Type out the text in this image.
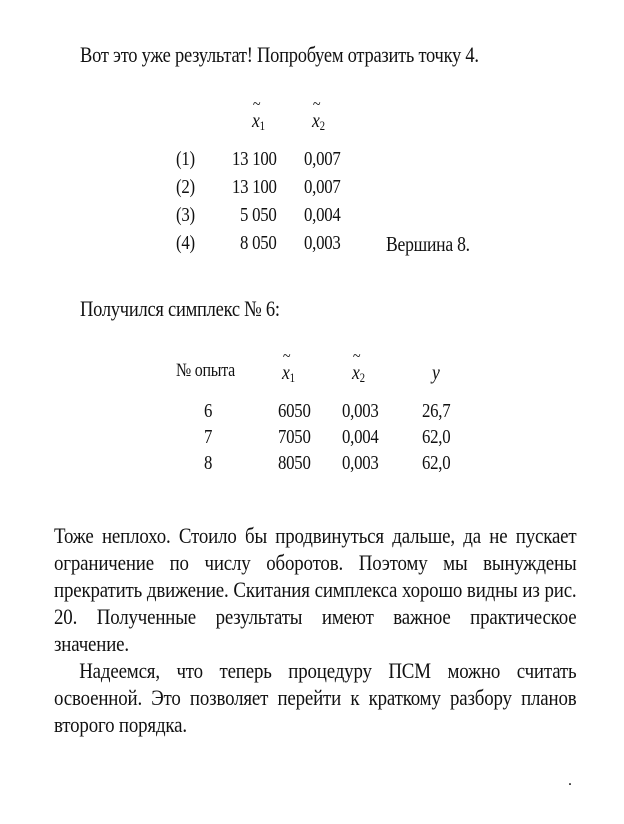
Вот это уже результат! Попробуем отразить точку 4.
~
$x_1$
~
$x_2$
(1) 13 100 0,007
(2) 13 100 0,007
(3) 5 050 0,004
(4) 8 050 0,003 Вершина 8.
Получился симплекс № 6:
№ опыта
~
$x_1$
~
$x_2$	y
6	6050 0,003 26,7
7	7050 0,004 62,0
8	8050 0,003 62,0

Тоже неплохо. Стоило бы продвинуться дальше, да не пускает ограничение по числу оборотов. Поэтому мы вынуждены прекратить движение. Скитания симплекса хорошо видны из рис. 20. Полученные результаты имеют важное практическое значение.

Надеемся, что теперь процедуру ПСМ можно считать освоенной. Это позволяет перейти к краткому разбору планов второго порядка.

.
